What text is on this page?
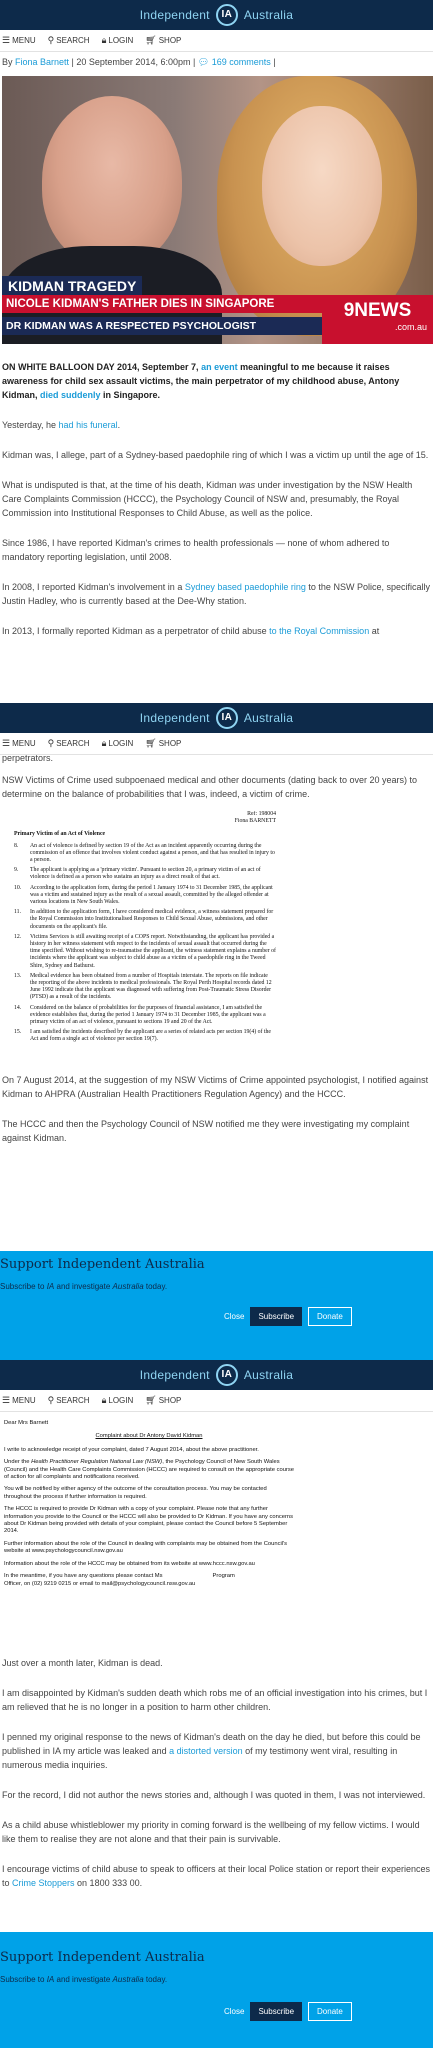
Independent	IA Australia
☰ MENU ⚲ SEARCH 🔒︎ LOGIN 🛒︎ SHOP
By Fiona Barnett | 20 September 2014, 6:00pm | 💬︎ 169 comments |
KIDMAN TRAGEDY
NICOLE KIDMAN'S FATHER DIES IN SINGAPORE
DR KIDMAN WAS A RESPECTED PSYCHOLOGIST
9NEWS
.com.au

ON WHITE BALLOON DAY 2014, September 7, an event meaningful to me because it raises awareness for child sex assault victims, the main perpetrator of my childhood abuse, Antony Kidman, died suddenly in Singapore.

Yesterday, he had his funeral.

Kidman was, I allege, part of a Sydney-based paedophile ring of which I was a victim up until the age of 15.

What is undisputed is that, at the time of his death, Kidman was under investigation by the NSW Health Care Complaints Commission (HCCC), the Psychology Council of NSW and, presumably, the Royal Commission into Institutional Responses to Child Abuse, as well as the police.

Since 1986, I have reported Kidman's crimes to health professionals — none of whom adhered to mandatory reporting legislation, until 2008.

In 2008, I reported Kidman's involvement in a Sydney based paedophile ring to the NSW Police, specifically Justin Hadley, who is currently based at the Dee-Why station.

In 2013, I formally reported Kidman as a perpetrator of child abuse to the Royal Commission at

Independent	IA Australia
☰ MENU ⚲ SEARCH 🔒︎ LOGIN 🛒︎ SHOP

perpetrators.

NSW Victims of Crime used subpoenaed medical and other documents (dating back to over 20 years) to determine on the balance of probabilities that I was, indeed, a victim of crime.

Ref: 198004
Fiona BARNETT
Primary Victim of an Act of Violence
8.	An act of violence is defined by section 19 of the Act as an incident apparently occurring during the commission of an offence that involves violent conduct against a person, and that has resulted in injury to a person.
9.	The applicant is applying as a 'primary victim'. Pursuant to section 20, a primary victim of an act of violence is defined as a person who sustains an injury as a direct result of that act.
10.	According to the application form, during the period 1 January 1974 to 31 December 1985, the applicant was a victim and sustained injury as the result of a sexual assault, committed by the alleged offender at various locations in New South Wales.
11.	In addition to the application form, I have considered medical evidence, a witness statement prepared for the Royal Commission into Institutionalised Responses to Child Sexual Abuse, submissions, and other documents on the applicant's file.
12.	Victims Services is still awaiting receipt of a COPS report. Notwithstanding, the applicant has provided a history in her witness statement with respect to the incidents of sexual assault that occurred during the time specified. Without wishing to re-traumatise the applicant, the witness statement explains a number of incidents where the applicant was subject to child abuse as a victim of a paedophile ring in the Tweed Shire, Sydney and Bathurst.
13.	Medical evidence has been obtained from a number of Hospitals interstate. The reports on file indicate the reporting of the above incidents to medical professionals. The Royal Perth Hospital records dated 12 June 1992 indicate that the applicant was diagnosed with suffering from Post-Traumatic Stress Disorder (PTSD) as a result of the incidents.
14.	Considered on the balance of probabilities for the purposes of financial assistance, I am satisfied the evidence establishes that, during the period 1 January 1974 to 31 December 1985, the applicant was a primary victim of an act of violence, pursuant to sections 19 and 20 of the Act.
15.	I am satisfied the incidents described by the applicant are a series of related acts per section 19(4) of the Act and form a single act of violence per section 19(7).

On 7 August 2014, at the suggestion of my NSW Victims of Crime appointed psychologist, I notified against Kidman to AHPRA (Australian Health Practitioners Regulation Agency) and the HCCC.

The HCCC and then the Psychology Council of NSW notified me they were investigating my complaint against Kidman.

Support Independent Australia
Subscribe to IA and investigate Australia today.
Close	Subscribe	Donate
Independent	IA Australia
☰ MENU ⚲ SEARCH 🔒︎ LOGIN 🛒︎ SHOP
Dear Mrs Barnett
Complaint about Dr Antony David Kidman
I write to acknowledge receipt of your complaint, dated 7 August 2014, about the above practitioner.
Under the Health Practitioner Regulation National Law (NSW), the Psychology Council of New South Wales (Council) and the Health Care Complaints Commission (HCCC) are required to consult on the appropriate course of action for all complaints and notifications received.
You will be notified by either agency of the outcome of the consultation process. You may be contacted throughout the process if further information is required.
The HCCC is required to provide Dr Kidman with a copy of your complaint. Please note that any further information you provide to the Council or the HCCC will also be provided to Dr Kidman. If you have any concerns about Dr Kidman being provided with details of your complaint, please contact the Council before 5 September 2014.
Further information about the role of the Council in dealing with complaints may be obtained from the Council's website at www.psychologycouncil.nsw.gov.au
Information about the role of the HCCC may be obtained from its website at www.hccc.nsw.gov.au
In the meantime, if you have any questions please contact Ms	Program
Officer, on (02) 9219 0215 or email to mail@psychologycouncil.nsw.gov.au

Just over a month later, Kidman is dead.

I am disappointed by Kidman's sudden death which robs me of an official investigation into his crimes, but I am relieved that he is no longer in a position to harm other children.

I penned my original response to the news of Kidman's death on the day he died, but before this could be published in IA my article was leaked and a distorted version of my testimony went viral, resulting in numerous media inquiries.

For the record, I did not author the news stories and, although I was quoted in them, I was not interviewed.

As a child abuse whistleblower my priority in coming forward is the wellbeing of my fellow victims. I would like them to realise they are not alone and that their pain is survivable.

I encourage victims of child abuse to speak to officers at their local Police station or report their experiences to Crime Stoppers on 1800 333 00.

Support Independent Australia
Subscribe to IA and investigate Australia today.
Close	Subscribe	Donate
